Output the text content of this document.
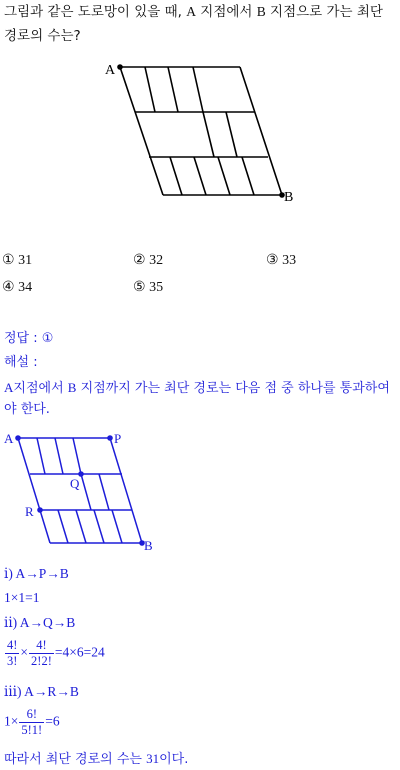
그림과 같은 도로망이 있을 때, A 지점에서 B 지점으로 가는 최단
경로의 수는?
A
B
① 31	② 32	③ 33
④ 34	⑤ 35
정답 : ①
해설 :
A지점에서 B 지점까지 가는 최단 경로는 다음 점 중 하나를 통과하여
야 한다.
A	P
Q
R
B
ⅰ) A→P→B
1×1=1
ⅱ) A→Q→B
$\frac{4!}{3!} \times \frac{4!}{2!2!} =4\times 6=24$
ⅲ) A→R→B
$1\times \frac{6!}{5!1!} =6$
따라서 최단 경로의 수는 31이다.
